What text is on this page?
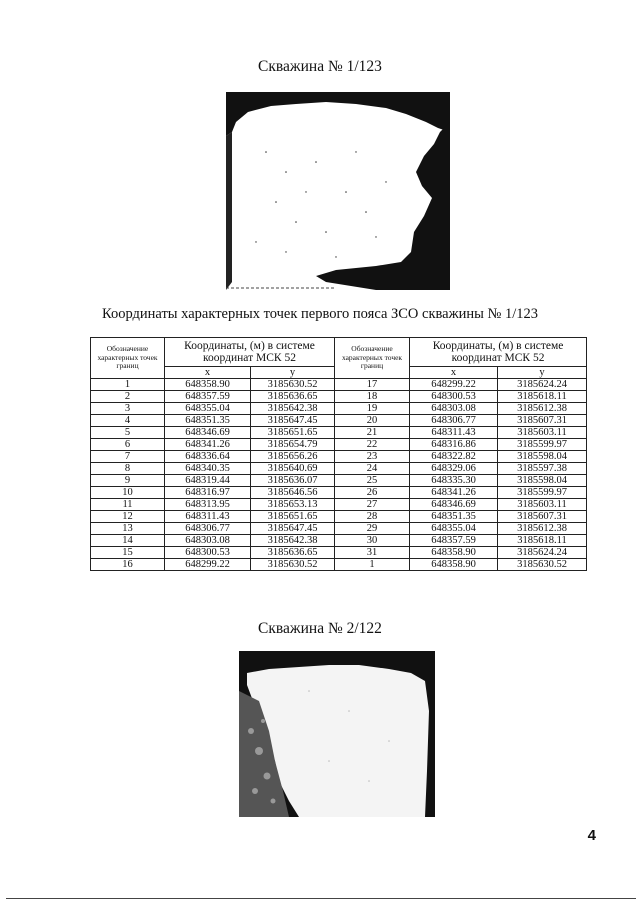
Скважина № 1/123
Координаты характерных точек первого пояса ЗСО скважины № 1/123
Обозначение характерных точек границ	Координаты, (м) в системе координат МСК 52		Обозначение характерных точек границ	Координаты, (м) в системе координат МСК 52	
	x	y		x	y
1	648358.90	3185630.52	17	648299.22	3185624.24
2	648357.59	3185636.65	18	648300.53	3185618.11
3	648355.04	3185642.38	19	648303.08	3185612.38
4	648351.35	3185647.45	20	648306.77	3185607.31
5	648346.69	3185651.65	21	648311.43	3185603.11
6	648341.26	3185654.79	22	648316.86	3185599.97
7	648336.64	3185656.26	23	648322.82	3185598.04
8	648340.35	3185640.69	24	648329.06	3185597.38
9	648319.44	3185636.07	25	648335.30	3185598.04
10	648316.97	3185646.56	26	648341.26	3185599.97
11	648313.95	3185653.13	27	648346.69	3185603.11
12	648311.43	3185651.65	28	648351.35	3185607.31
13	648306.77	3185647.45	29	648355.04	3185612.38
14	648303.08	3185642.38	30	648357.59	3185618.11
15	648300.53	3185636.65	31	648358.90	3185624.24
16	648299.22	3185630.52	1	648358.90	3185630.52
Скважина № 2/122
4
